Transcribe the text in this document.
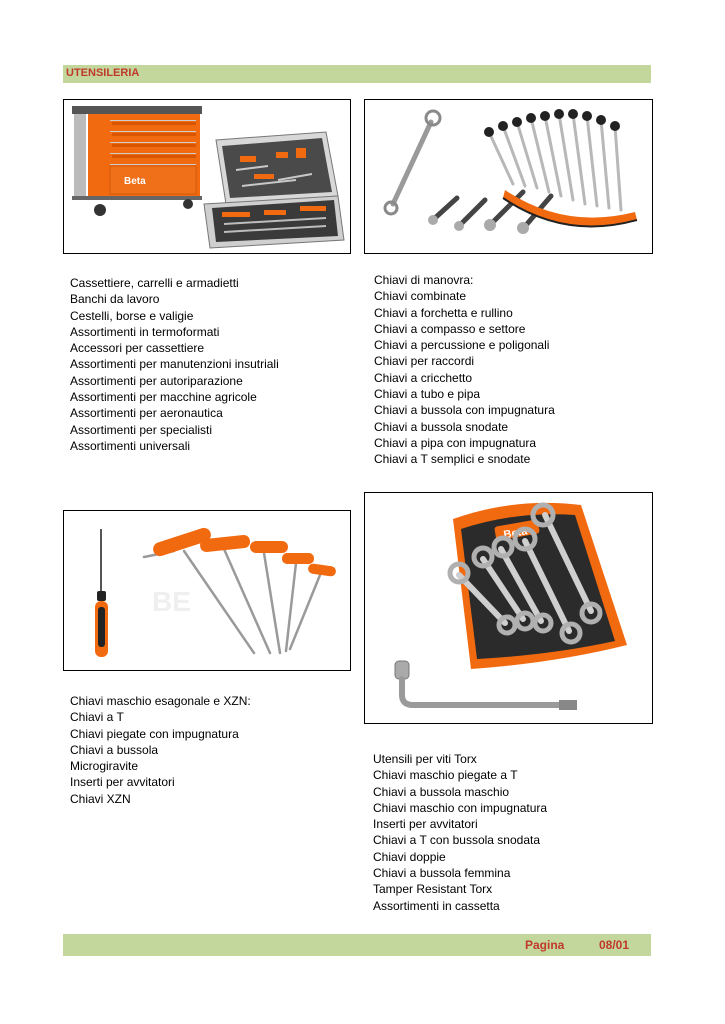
UTENSILERIA
Beta
Cassettiere, carrelli e armadietti
Banchi da lavoro
Cestelli, borse e valigie
Assortimenti in termoformati
Accessori per cassettiere
Assortimenti per manutenzioni insutriali
Assortimenti per autoriparazione
Assortimenti per macchine agricole
Assortimenti per aeronautica
Assortimenti per specialisti
Assortimenti universali
Chiavi di manovra:
Chiavi combinate
Chiavi a forchetta e rullino
Chiavi a compasso e settore
Chiavi a percussione e poligonali
Chiavi per raccordi
Chiavi a cricchetto
Chiavi a tubo e pipa
Chiavi a bussola con impugnatura
Chiavi a bussola snodate
Chiavi a pipa con impugnatura
Chiavi a T semplici e snodate
BE
Beta
Chiavi maschio esagonale e XZN:
Chiavi a T
Chiavi piegate con impugnatura
Chiavi a bussola
Microgiravite
Inserti per avvitatori
Chiavi XZN
Utensili per viti Torx
Chiavi maschio piegate a T
Chiavi a bussola maschio
Chiavi maschio con impugnatura
Inserti per avvitatori
Chiavi a T con bussola snodata
Chiavi doppie
Chiavi a bussola femmina
Tamper Resistant Torx
Assortimenti in cassetta
Pagina	08/01
